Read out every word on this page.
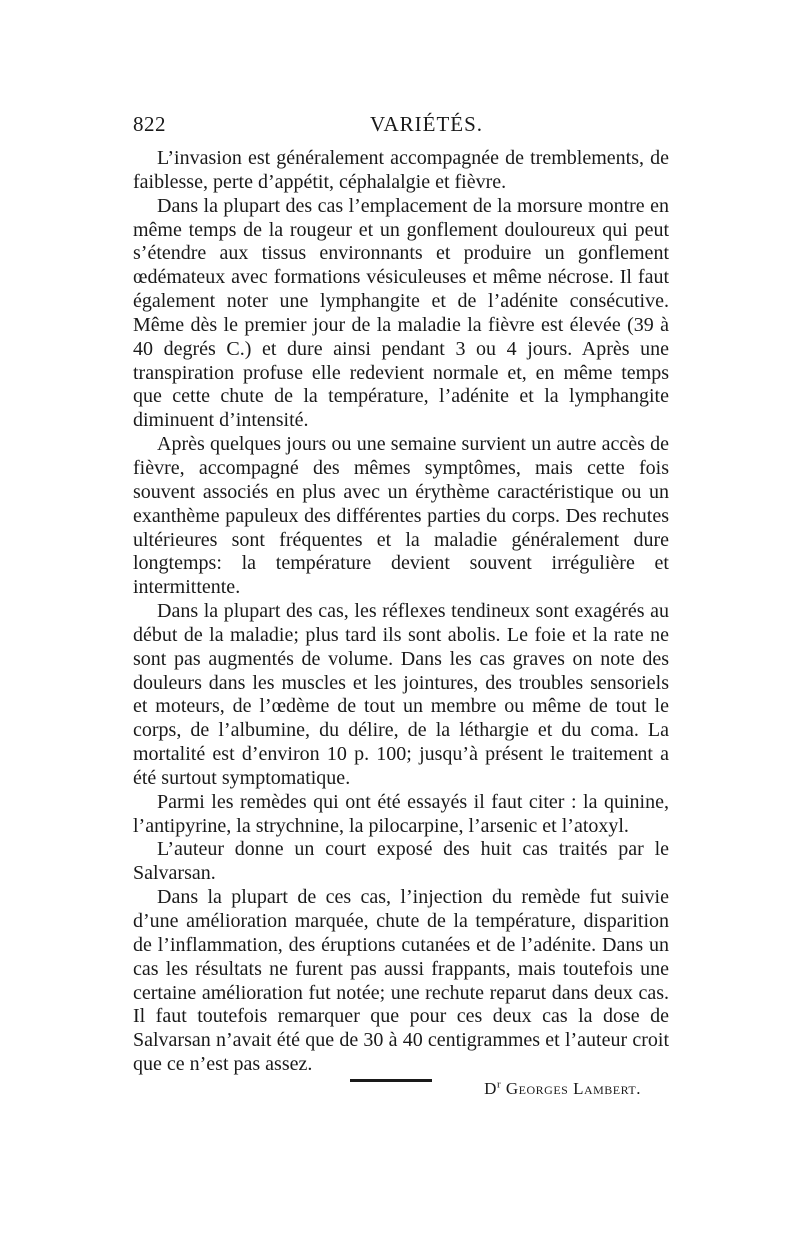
822	VARIÉTÉS.

L’invasion est généralement accompagnée de tremblements, de faiblesse, perte d’appétit, céphalalgie et fièvre.

Dans la plupart des cas l’emplacement de la morsure montre en même temps de la rougeur et un gonflement douloureux qui peut s’étendre aux tissus environnants et produire un gonflement œdémateux avec formations vésiculeuses et même nécrose. Il faut également noter une lymphangite et de l’adénite consécutive. Même dès le premier jour de la maladie la fièvre est élevée (39 à 40 degrés C.) et dure ainsi pendant 3 ou 4 jours. Après une transpiration profuse elle redevient normale et, en même temps que cette chute de la température, l’adénite et la lymphangite diminuent d’intensité.

Après quelques jours ou une semaine survient un autre accès de fièvre, accompagné des mêmes symptômes, mais cette fois souvent associés en plus avec un érythème caractéristique ou un exanthème papuleux des différentes parties du corps. Des rechutes ultérieures sont fréquentes et la maladie généralement dure longtemps: la température devient souvent irrégulière et intermittente.

Dans la plupart des cas, les réflexes tendineux sont exagérés au début de la maladie; plus tard ils sont abolis. Le foie et la rate ne sont pas augmentés de volume. Dans les cas graves on note des douleurs dans les muscles et les jointures, des troubles sensoriels et moteurs, de l’œdème de tout un membre ou même de tout le corps, de l’albumine, du délire, de la léthargie et du coma. La mortalité est d’environ 10 p. 100; jusqu’à présent le traitement a été surtout symptomatique.

Parmi les remèdes qui ont été essayés il faut citer : la quinine, l’antipyrine, la strychnine, la pilocarpine, l’arsenic et l’atoxyl.

L’auteur donne un court exposé des huit cas traités par le Salvarsan.

Dans la plupart de ces cas, l’injection du remède fut suivie d’une amélioration marquée, chute de la température, disparition de l’inflammation, des éruptions cutanées et de l’adénite. Dans un cas les résultats ne furent pas aussi frappants, mais toutefois une certaine amélioration fut notée; une rechute reparut dans deux cas. Il faut toutefois remarquer que pour ces deux cas la dose de Salvarsan n’avait été que de 30 à 40 centigrammes et l’auteur croit que ce n’est pas assez.

$D^r$ Georges Lambert.
